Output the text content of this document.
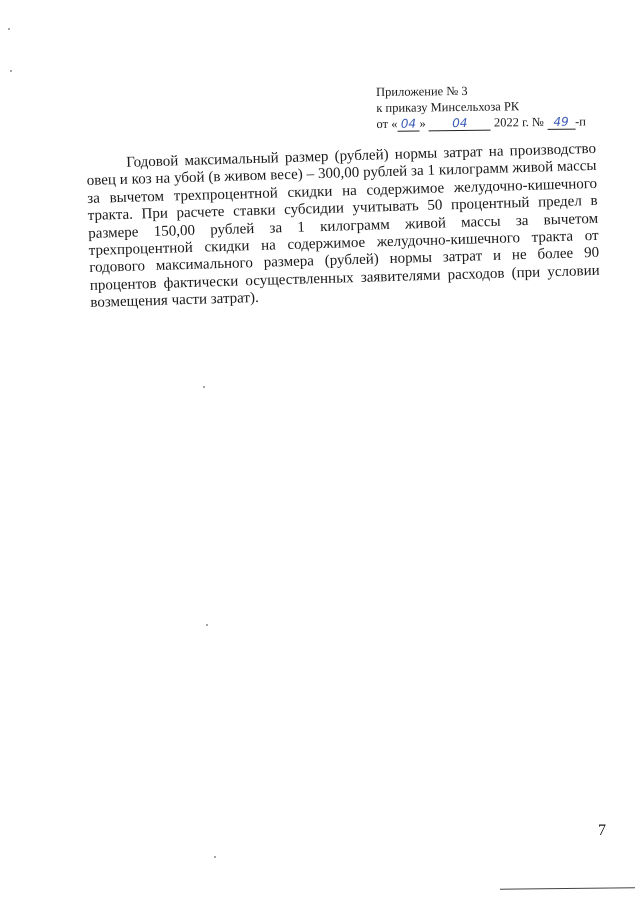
Приложение № 3
к приказу Минсельхоза РК
от « 04 » 04 2022 г. № 49 -п

Годовой максимальный размер (рублей) нормы затрат на производство овец и коз на убой (в живом весе) – 300,00 рублей за 1 килограмм живой массы за вычетом трехпроцентной скидки на содержимое желудочно-кишечного тракта. При расчете ставки субсидии учитывать 50 процентный предел в размере 150,00 рублей за 1 килограмм живой массы за вычетом трехпроцентной скидки на содержимое желудочно-кишечного тракта от годового максимального размера (рублей) нормы затрат и не более 90 процентов фактически осуществленных заявителями расходов (при условии возмещения части затрат).

7
